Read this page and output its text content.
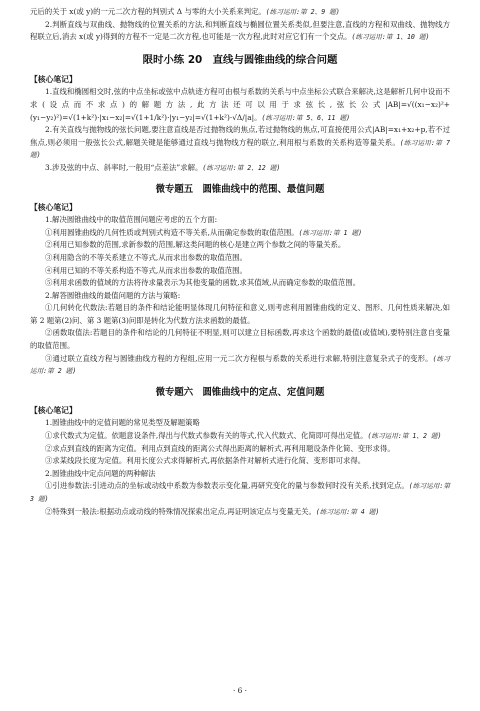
元后的关于 x(或 y)的一元二次方程的判别式 Δ 与零的大小关系来判定。(练习运用:第 2、9 题)

2.判断直线与双曲线、抛物线的位置关系的方法,和判断直线与椭圆位置关系类似,但要注意,直线的方程和双曲线、抛物线方程联立后,消去 x(或 y)得到的方程不一定是二次方程,也可能是一次方程,此时对应它们有一个交点。(练习运用:第 1、10 题)

限时小练 20　直线与圆锥曲线的综合问题
【核心笔记】

1.直线和椭圆相交时,弦的中点坐标或弦中点轨迹方程可由根与系数的关系与中点坐标公式联合来解决,这是解析几何中设而不求(设点而不求点)的解题方法,此方法还可以用于求弦长,弦长公式|AB|=√((x₁−x₂)²+(y₁−y₂)²)=√(1+k²)·|x₁−x₂|=√(1+1/k²)·|y₁−y₂|=√(1+k²)·√Δ/|a|。(练习运用:第 5、6、11 题)

2.有关直线与抛物线的弦长问题,要注意直线是否过抛物线的焦点,若过抛物线的焦点,可直接使用公式|AB|=x₁+x₂+p,若不过焦点,则必须用一般弦长公式,解题关键是能够通过直线与抛物线方程的联立,利用根与系数的关系构造等量关系。(练习运用:第 7 题)

3.涉及弦的中点、斜率时,一般用“点差法”求解。(练习运用:第 2、12 题)

微专题五　圆锥曲线中的范围、最值问题
【核心笔记】

1.解决圆锥曲线中的取值范围问题应考虑的五个方面:

①利用圆锥曲线的几何性质或判别式构造不等关系,从而确定参数的取值范围。(练习运用:第 1 题)

②利用已知参数的范围,求新参数的范围,解这类问题的核心是建立两个参数之间的等量关系。

③利用隐含的不等关系建立不等式,从而求出参数的取值范围。

④利用已知的不等关系构造不等式,从而求出参数的取值范围。

⑤利用求函数的值域的方法将待求量表示为其他变量的函数,求其值域,从而确定参数的取值范围。

2.解答圆锥曲线的最值问题的方法与策略:

①几何转化代数法:若题目的条件和结论能明显体现几何特征和意义,则考虑利用圆锥曲线的定义、图形、几何性质来解决,如第 2 题第(2)问、第 3 题第(3)问即是转化为代数方法求函数的最值。

②函数取值法:若题目的条件和结论的几何特征不明显,则可以建立目标函数,再求这个函数的最值(或值域),要特别注意自变量的取值范围。

③通过联立直线方程与圆锥曲线方程的方程组,应用一元二次方程根与系数的关系进行求解,特别注意复杂式子的变形。(练习运用:第 2 题)

微专题六　圆锥曲线中的定点、定值问题
【核心笔记】

1.圆锥曲线中的定值问题的常见类型及解题策略

①求代数式为定值。依题意设条件,得出与代数式参数有关的等式,代入代数式、化简即可得出定值。(练习运用:第 1、2 题)

②求点到直线的距离为定值。利用点到直线的距离公式得出距离的解析式,再利用题设条件化简、变形求得。

③求某线段长度为定值。利用长度公式求得解析式,再依据条件对解析式进行化简、变形即可求得。

2.圆锥曲线中定点问题的两种解法

①引进参数法:引进动点的坐标或动线中系数为参数表示变化量,再研究变化的量与参数何时没有关系,找到定点。(练习运用:第 3 题)

②特殊到一般法:根据动点或动线的特殊情况探索出定点,再证明该定点与变量无关。(练习运用:第 4 题)

· 6 ·
